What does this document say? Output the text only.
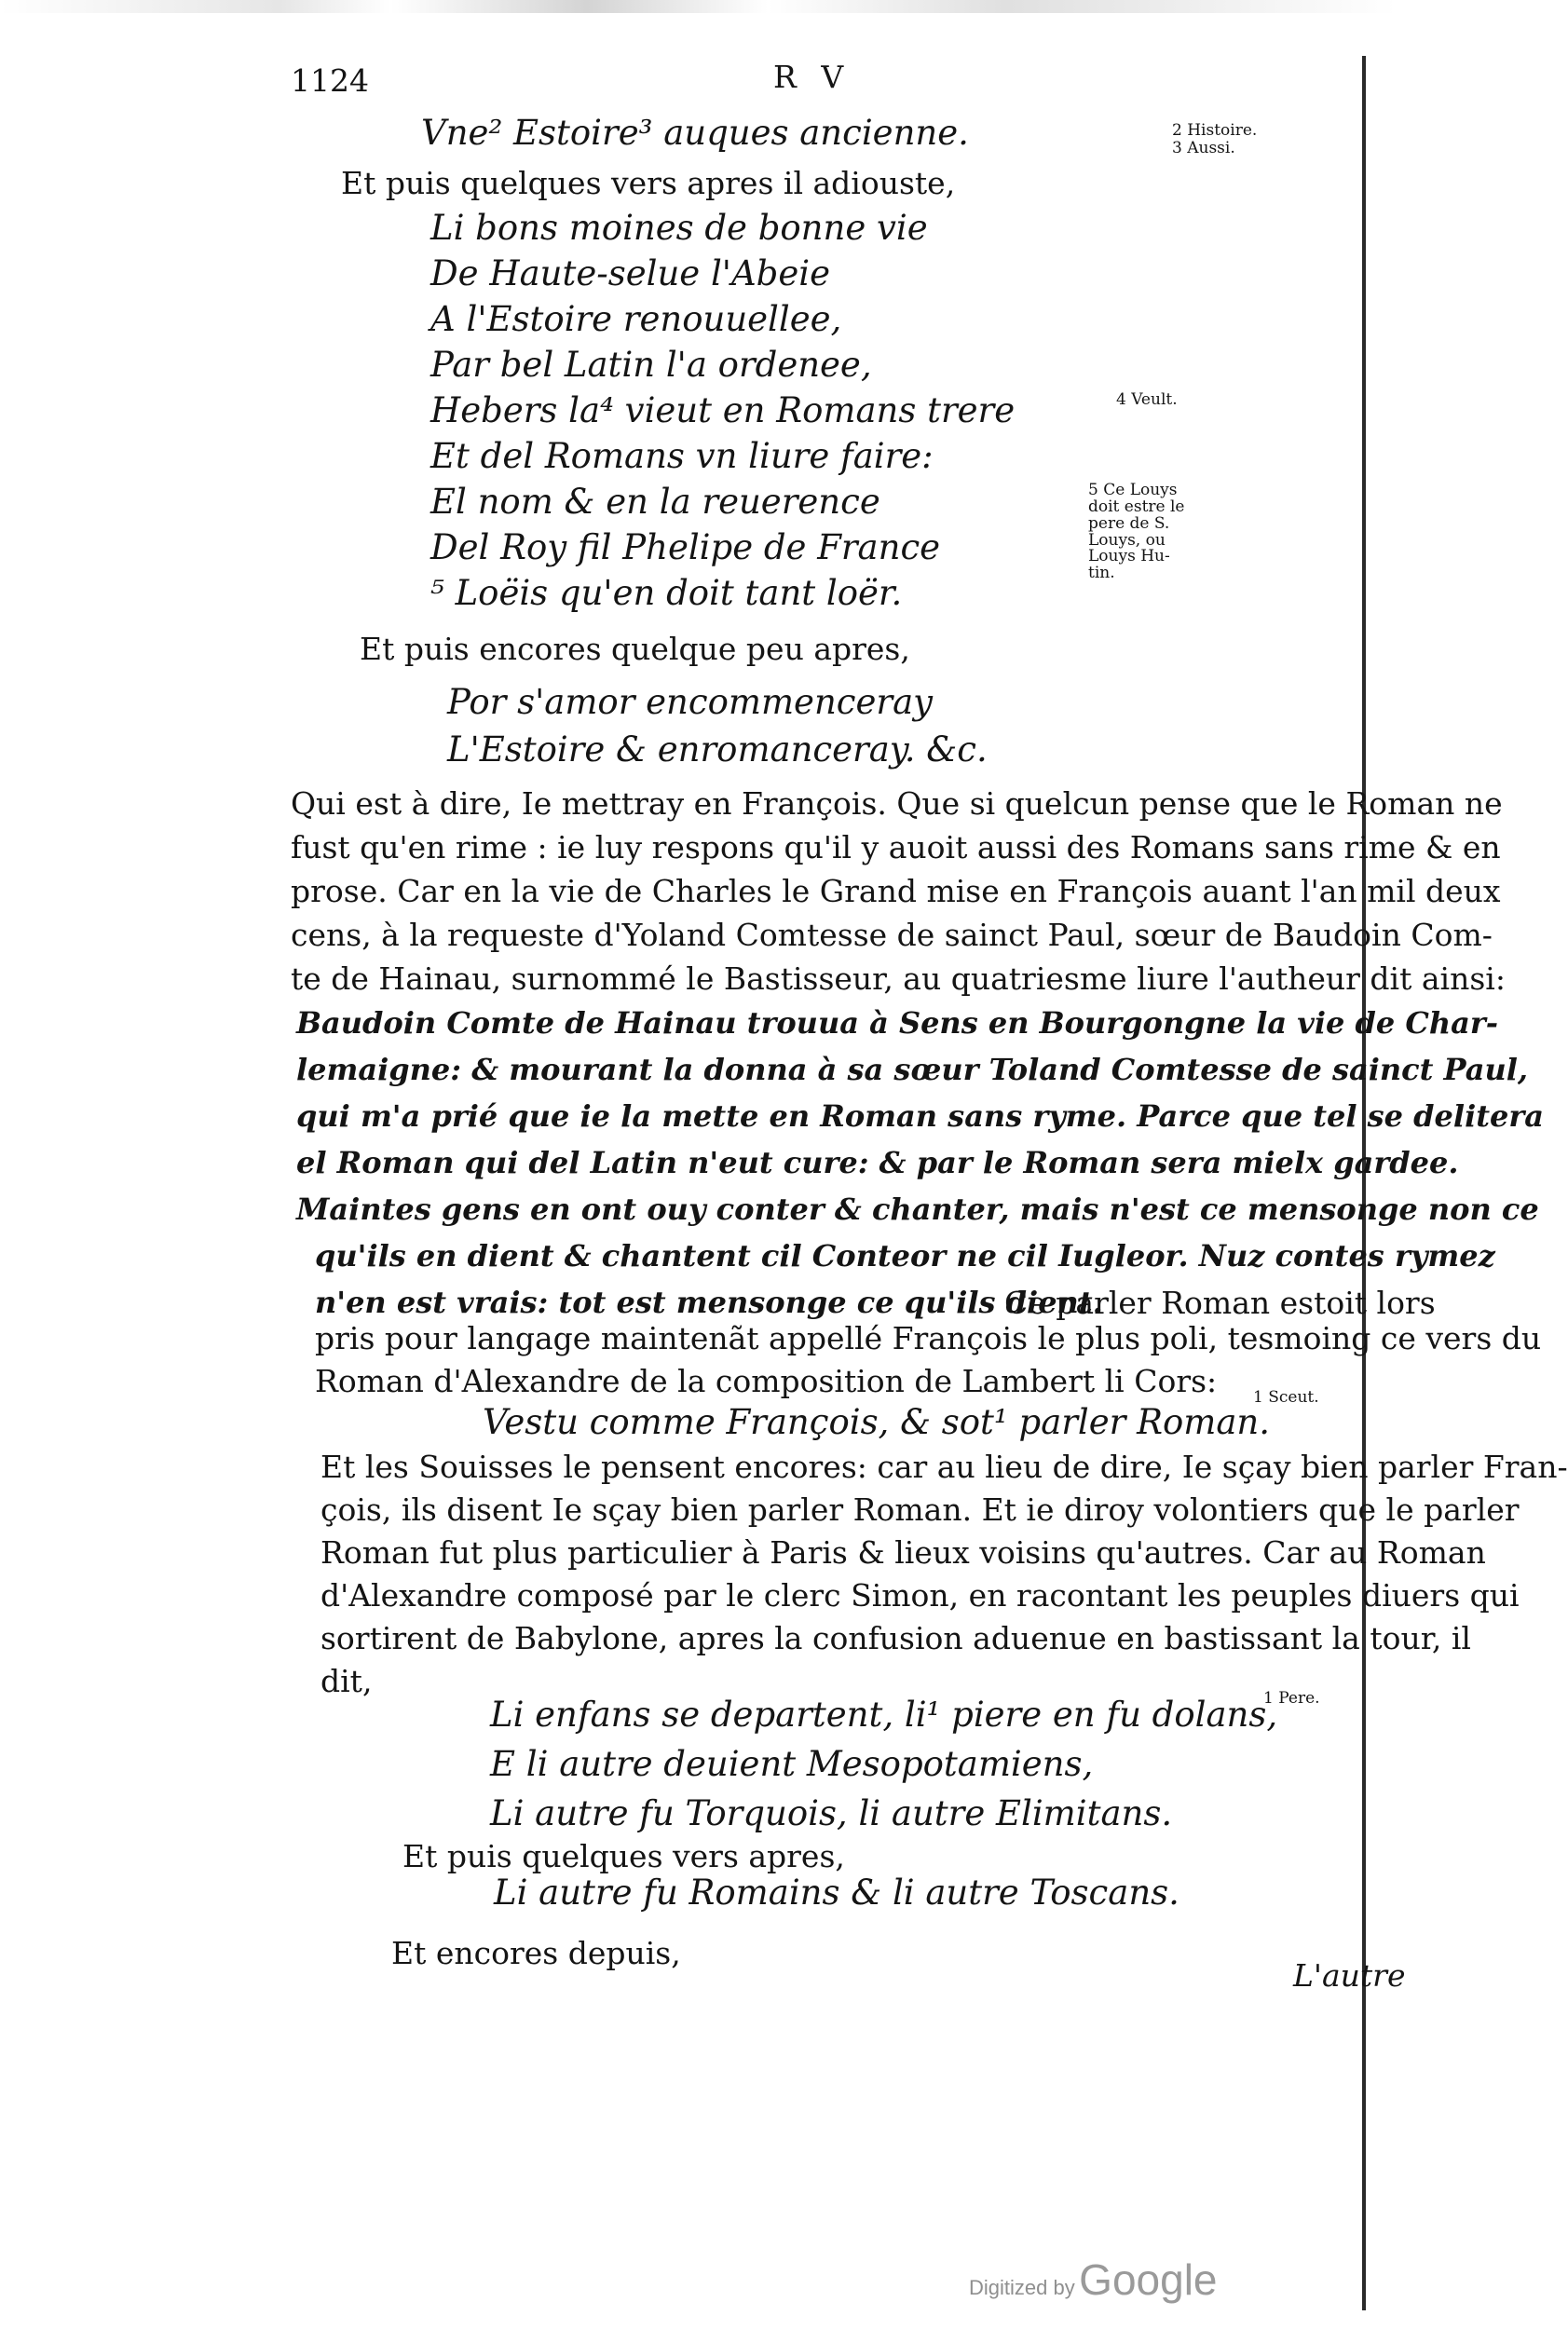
1124	R V
2 Histoire.
3 Aussi.
4 Veult.
5 Ce Louys
doit estre le
pere de S.
Louys, ou
Louys Hu-
tin.
1 Sceut.
1 Pere.
Vne² Estoire³ auques ancienne.
Et puis quelques vers apres il adiouste,
Li bons moines de bonne vie
De Haute-selue l'Abeie
A l'Estoire renouuellee,
Par bel Latin l'a ordenee,
Hebers la⁴ vieut en Romans trere
Et del Romans vn liure faire:
El nom & en la reuerence
Del Roy fil Phelipe de France
⁵ Loëis qu'en doit tant loër.
Et puis encores quelque peu apres,
Por s'amor encommenceray
L'Estoire & enromanceray. &c.
Qui est à dire, Ie mettray en François. Que si quelcun pense que le Roman ne
fust qu'en rime : ie luy respons qu'il y auoit aussi des Romans sans rime & en
prose. Car en la vie de Charles le Grand mise en François auant l'an mil deux
cens, à la requeste d'Yoland Comtesse de sainct Paul, sœur de Baudoin Com-
te de Hainau, surnommé le Bastisseur, au quatriesme liure l'autheur dit ainsi:
Baudoin Comte de Hainau trouua à Sens en Bourgongne la vie de Char-
lemaigne: & mourant la donna à sa sœur Toland Comtesse de sainct Paul,
qui m'a prié que ie la mette en Roman sans ryme. Parce que tel se delitera
el Roman qui del Latin n'eut cure: & par le Roman sera mielx gardee.
Maintes gens en ont ouy conter & chanter, mais n'est ce mensonge non ce
qu'ils en dient & chantent cil Conteor ne cil Iugleor. Nuz contes rymez
n'en est vrais: tot est mensonge ce qu'ils dient.
Ce parler Roman estoit lors
pris pour langage maintenãt appellé François le plus poli, tesmoing ce vers du
Roman d'Alexandre de la composition de Lambert li Cors:
Vestu comme François, & sot¹ parler Roman.
Et les Souisses le pensent encores: car au lieu de dire, Ie sçay bien parler Fran-
çois, ils disent Ie sçay bien parler Roman. Et ie diroy volontiers que le parler
Roman fut plus particulier à Paris & lieux voisins qu'autres. Car au Roman
d'Alexandre composé par le clerc Simon, en racontant les peuples diuers qui
sortirent de Babylone, apres la confusion aduenue en bastissant la tour, il
dit,
Li enfans se departent, li¹ piere en fu dolans,
E li autre deuient Mesopotamiens,
Li autre fu Torquois, li autre Elimitans.
Et puis quelques vers apres,
Li autre fu Romains & li autre Toscans.
Et encores depuis,
L'autre
Digitized by Google
